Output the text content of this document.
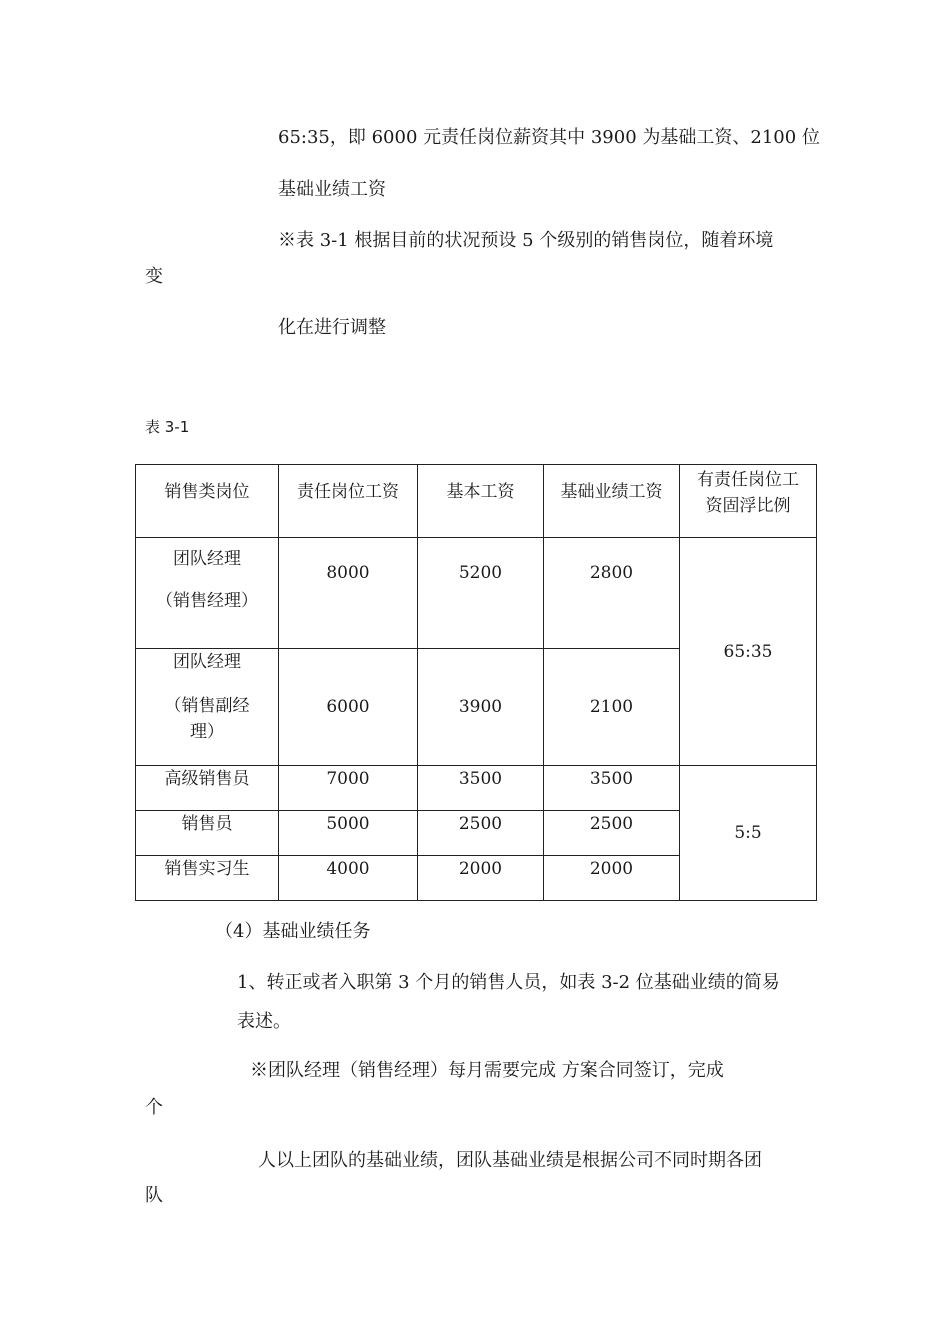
65:35，即 6000 元责任岗位薪资其中 3900 为基础工资、2100 位
基础业绩工资
※表 3-1 根据目前的状况预设 5 个级别的销售岗位，随着环境
变
化在进行调整
表 3-1
销售类岗位	责任岗位工资	基本工资	基础业绩工资	有责任岗位工
资固浮比例

团队经理
（销售经理）	8000	5200	2800	65:35

团队经理
（销售副经
理）	6000	3900	2100	
高级销售员	7000	3500	3500	5:5
销售员	5000	2500	2500	
销售实习生	4000	2000	2000	
（4）基础业绩任务
1、转正或者入职第 3 个月的销售人员，如表 3-2 位基础业绩的简易
表述。
※团队经理（销售经理）每月需要完成 方案合同签订，完成
个
人以上团队的基础业绩，团队基础业绩是根据公司不同时期各团
队
